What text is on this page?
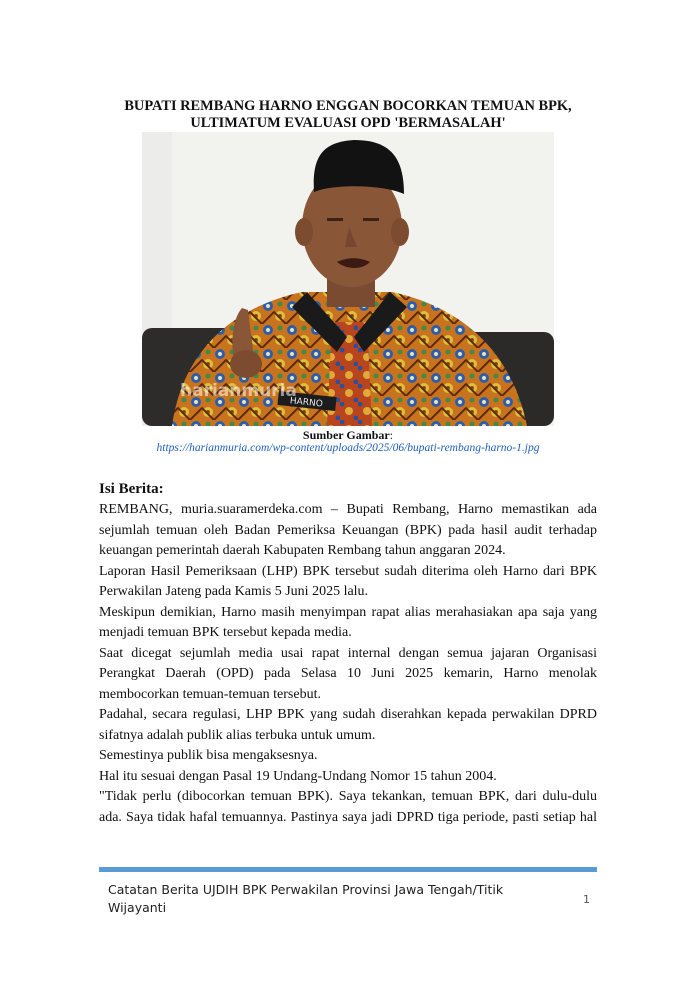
BUPATI REMBANG HARNO ENGGAN BOCORKAN TEMUAN BPK,
ULTIMATUM EVALUASI OPD 'BERMASALAH'
HARNO
harianmuria
Sumber Gambar:
https://harianmuria.com/wp-content/uploads/2025/06/bupati-rembang-harno-1.jpg
Isi Berita:

REMBANG, muria.suaramerdeka.com – Bupati Rembang, Harno memastikan ada sejumlah temuan oleh Badan Pemeriksa Keuangan (BPK) pada hasil audit terhadap keuangan pemerintah daerah Kabupaten Rembang tahun anggaran 2024.

Laporan Hasil Pemeriksaan (LHP) BPK tersebut sudah diterima oleh Harno dari BPK Perwakilan Jateng pada Kamis 5 Juni 2025 lalu.

Meskipun demikian, Harno masih menyimpan rapat alias merahasiakan apa saja yang menjadi temuan BPK tersebut kepada media.

Saat dicegat sejumlah media usai rapat internal dengan semua jajaran Organisasi Perangkat Daerah (OPD) pada Selasa 10 Juni 2025 kemarin, Harno menolak membocorkan temuan-temuan tersebut.

Padahal, secara regulasi, LHP BPK yang sudah diserahkan kepada perwakilan DPRD sifatnya adalah publik alias terbuka untuk umum.

Semestinya publik bisa mengaksesnya.

Hal itu sesuai dengan Pasal 19 Undang-Undang Nomor 15 tahun 2004.

"Tidak perlu (dibocorkan temuan BPK). Saya tekankan, temuan BPK, dari dulu-dulu ada. Saya tidak hafal temuannya. Pastinya saya jadi DPRD tiga periode, pasti setiap hal

Catatan Berita UJDIH BPK Perwakilan Provinsi Jawa Tengah/Titik Wijayanti
1
